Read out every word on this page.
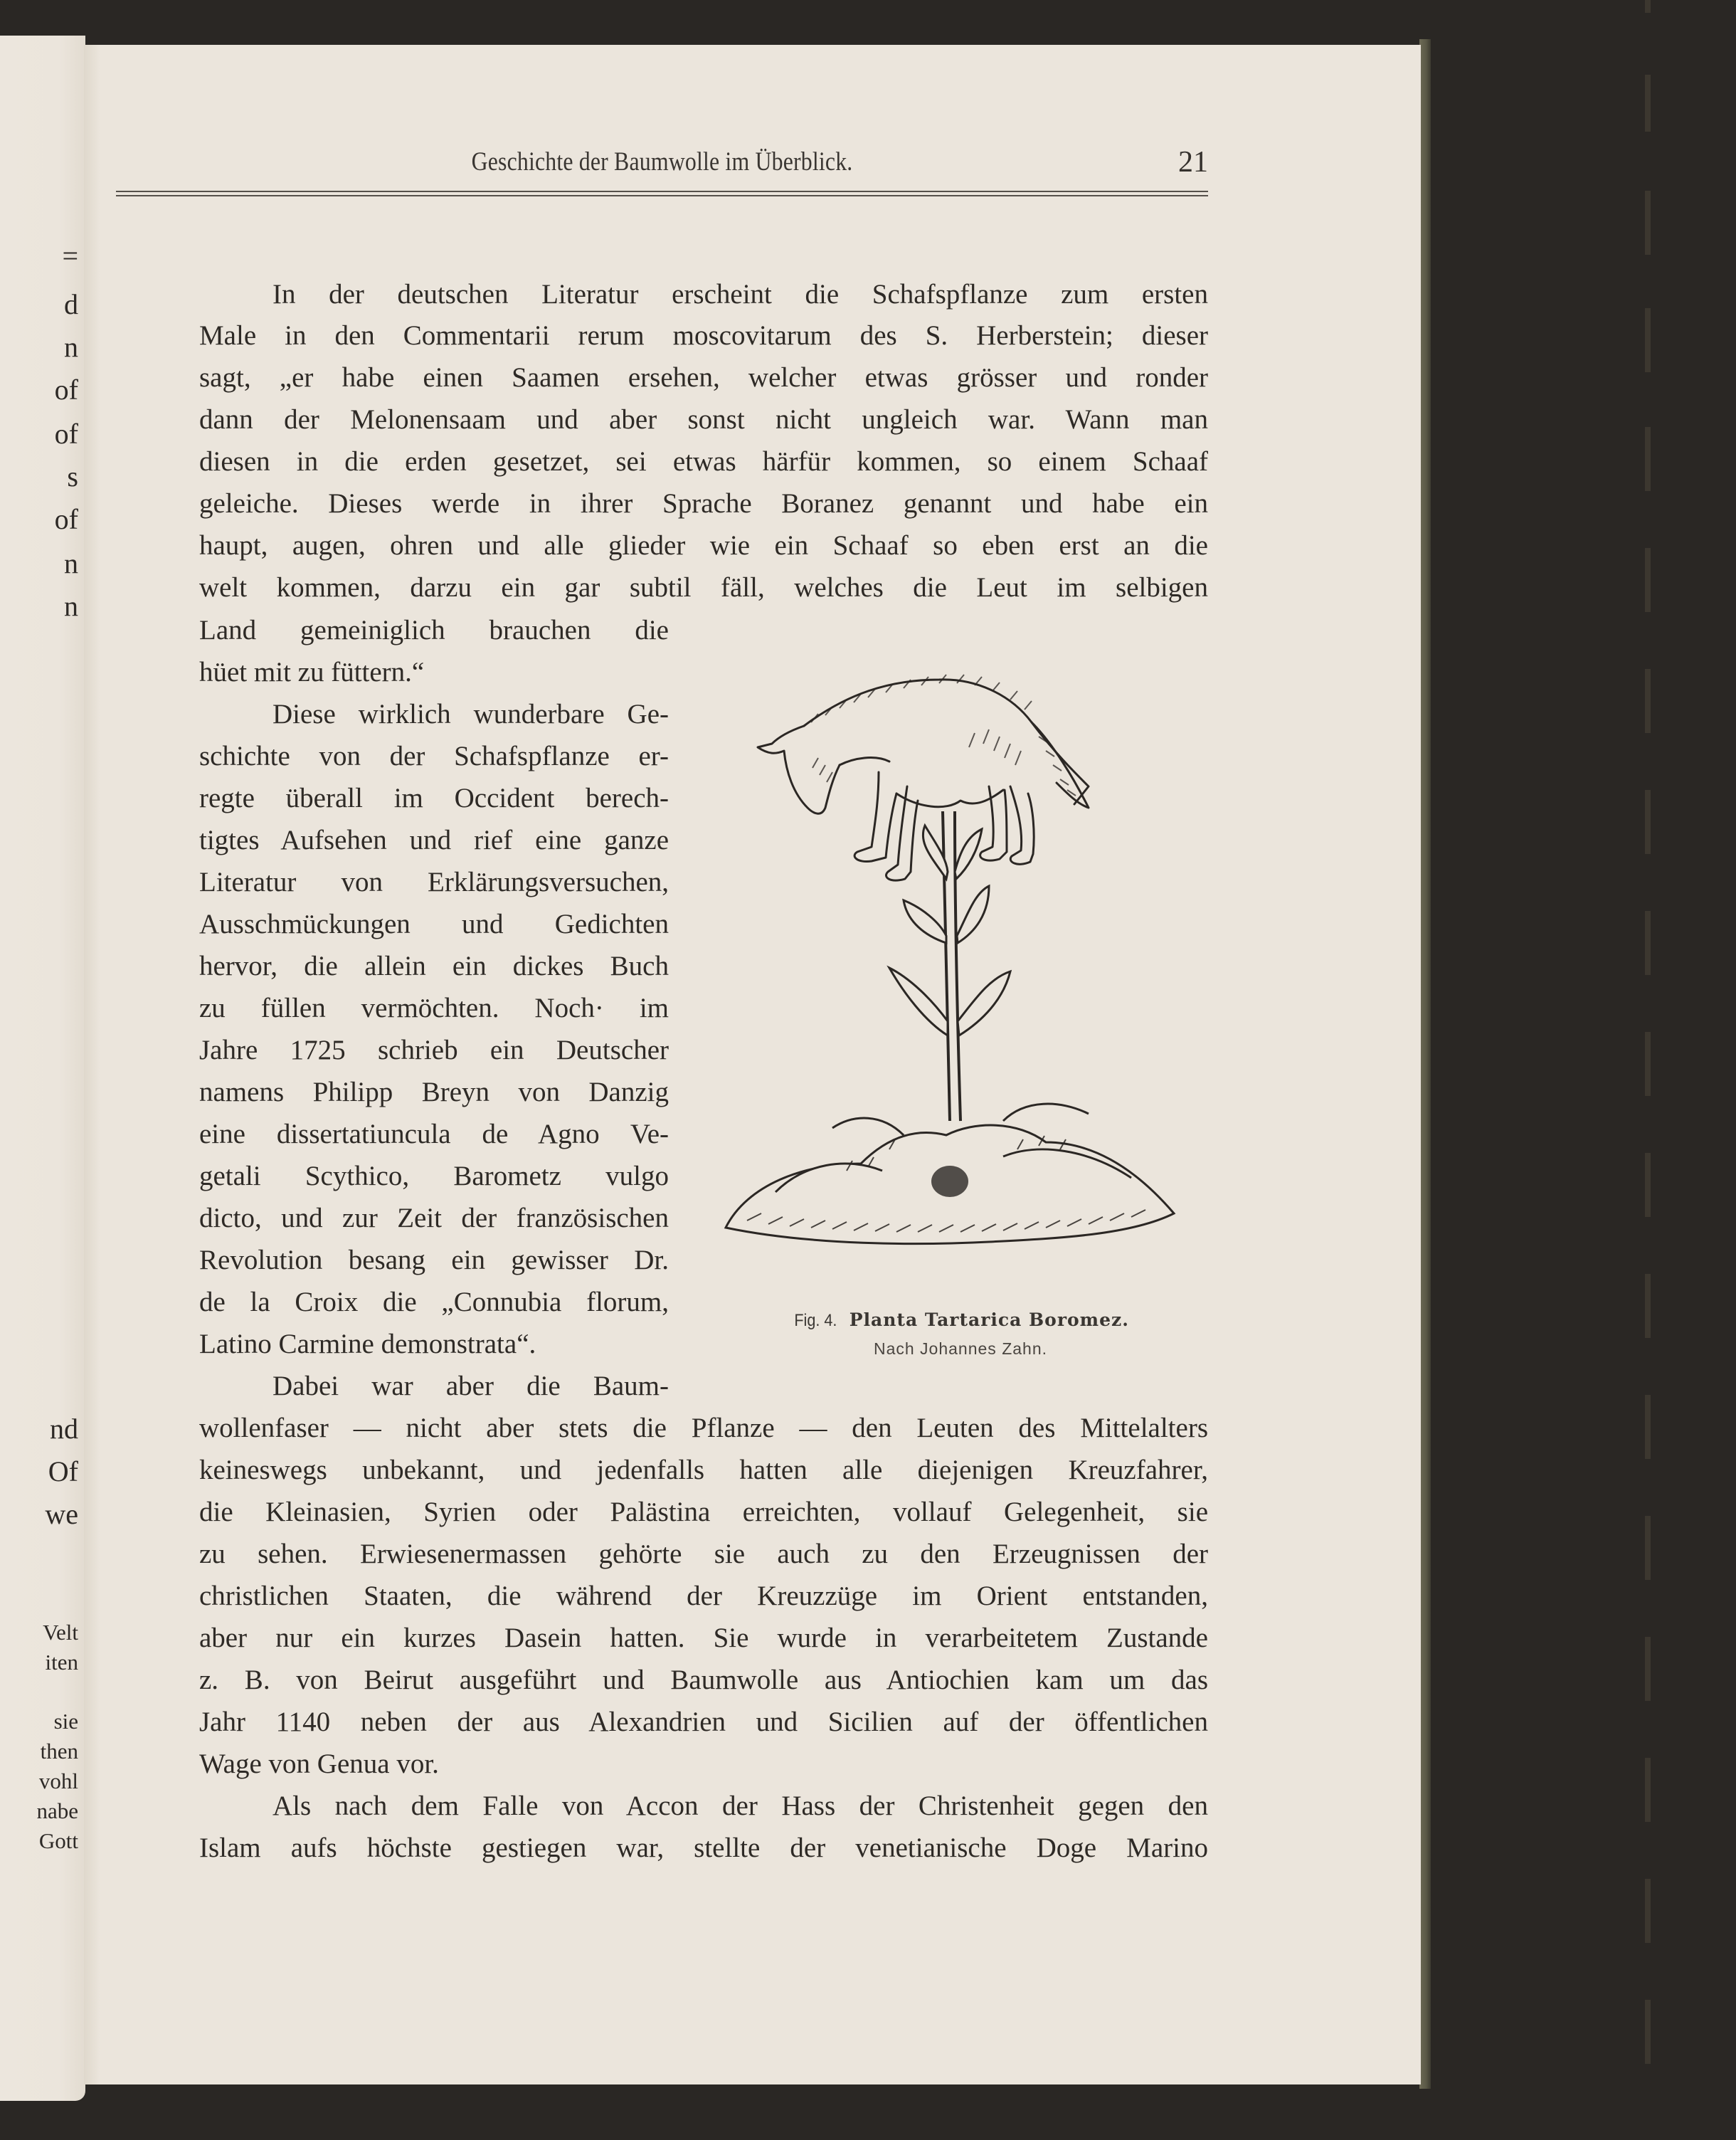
=
d
n
of
of
s
of
n
n
nd
Of
we
Velt
iten
sie
then
vohl
nabe
Gott
Geschichte der Baumwolle im Überblick.	21
In der deutschen Literatur erscheint die Schafspflanze zum ersten
Male in den Commentarii rerum moscovitarum des S. Herberstein; dieser
sagt, „er habe einen Saamen ersehen, welcher etwas grösser und ronder
dann der Melonensaam und aber sonst nicht ungleich war. Wann man
diesen in die erden gesetzet, sei etwas härfür kommen, so einem Schaaf
geleiche. Dieses werde in ihrer Sprache Boranez genannt und habe ein
haupt, augen, ohren und alle glieder wie ein Schaaf so eben erst an die
welt kommen, darzu ein gar subtil fäll, welches die Leut im selbigen
Land gemeiniglich brauchen die
hüet mit zu füttern.“
Diese wirklich wunderbare Ge-
schichte von der Schafspflanze er-
regte überall im Occident berech-
tigtes Aufsehen und rief eine ganze
Literatur von Erklärungsversuchen,
Ausschmückungen und Gedichten
hervor, die allein ein dickes Buch
zu füllen vermöchten. Noch· im
Jahre 1725 schrieb ein Deutscher
namens Philipp Breyn von Danzig
eine dissertatiuncula de Agno Ve-
getali Scythico, Barometz vulgo
dicto, und zur Zeit der französischen
Revolution besang ein gewisser Dr.
de la Croix die „Connubia florum,
Latino Carmine demonstrata“.
Dabei war aber die Baum-
wollenfaser — nicht aber stets die Pflanze — den Leuten des Mittelalters
keineswegs unbekannt, und jedenfalls hatten alle diejenigen Kreuzfahrer,
die Kleinasien, Syrien oder Palästina erreichten, vollauf Gelegenheit, sie
zu sehen. Erwiesenermassen gehörte sie auch zu den Erzeugnissen der
christlichen Staaten, die während der Kreuzzüge im Orient entstanden,
aber nur ein kurzes Dasein hatten. Sie wurde in verarbeitetem Zustande
z. B. von Beirut ausgeführt und Baumwolle aus Antiochien kam um das
Jahr 1140 neben der aus Alexandrien und Sicilien auf der öffentlichen
Wage von Genua vor.
Als nach dem Falle von Accon der Hass der Christenheit gegen den
Islam aufs höchste gestiegen war, stellte der venetianische Doge Marino
Fig. 4. Planta Tartarica Boromez.
Nach Johannes Zahn.
